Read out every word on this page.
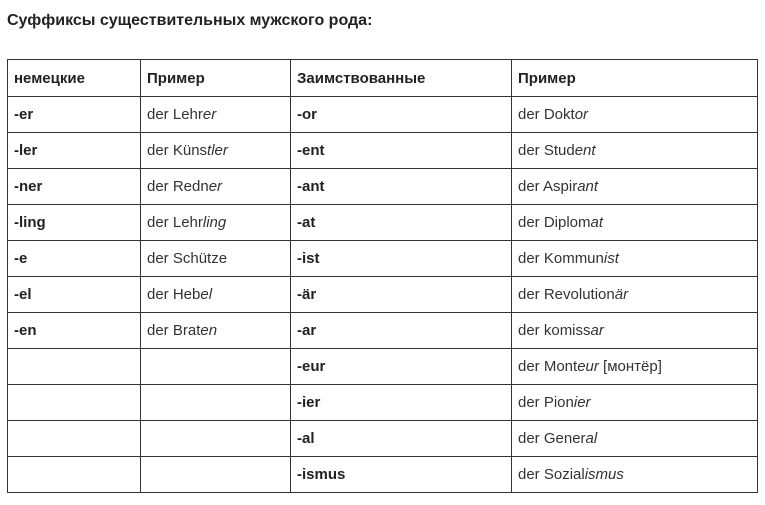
Суффиксы существительных мужского рода:
немецкие	Пример	Заимствованные	Пример
-er	der Lehrer	-or	der Doktor
-ler	der Künstler	-ent	der Student
-ner	der Redner	-ant	der Aspirant
-ling	der Lehrling	-at	der Diplomat
-e	der Schütze	-ist	der Kommunist
-el	der Hebel	-är	der Revolutionär
-en	der Braten	-ar	der komissar
		-eur	der Monteur [монтёр]
		-ier	der Pionier
		-al	der General
		-ismus	der Sozialismus
